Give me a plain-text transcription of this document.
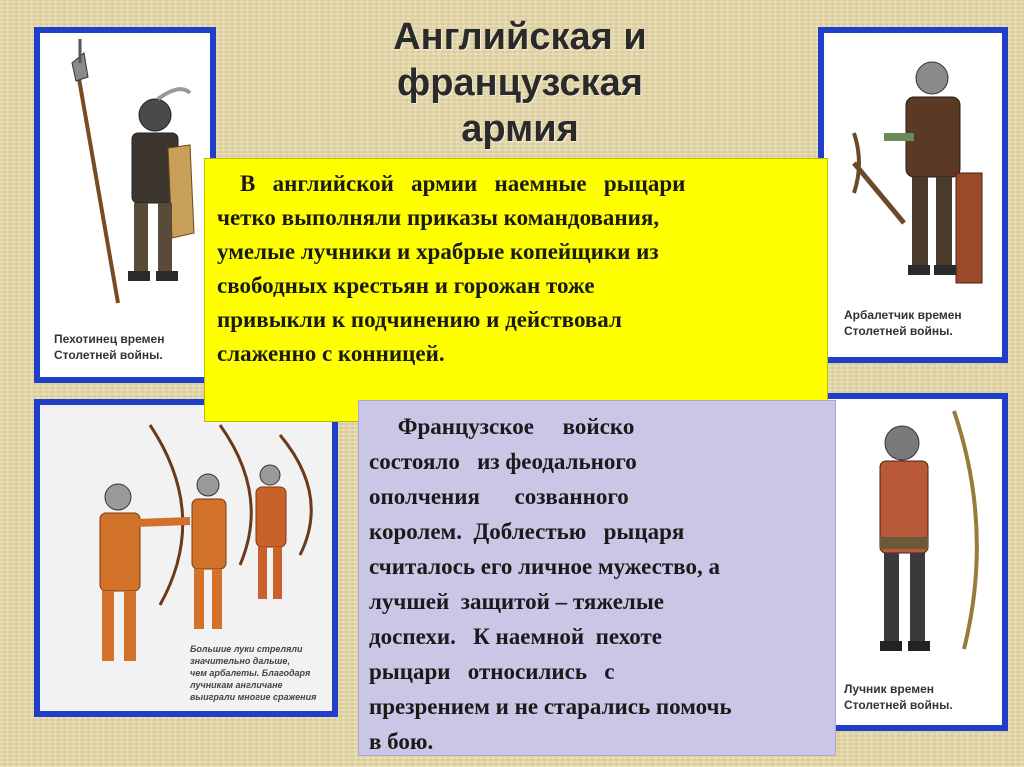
Английская и
французская
армия
Пехотинец времен
Столетней войны.
Арбалетчик времен
Столетней войны.
Большие луки стреляли
значительно дальше,
чем арбалеты. Благодаря
лучникам англичане
выиграли многие сражения
Лучник времен
Столетней войны.
В   английской   армии   наемные   рыцари
четко выполняли приказы командования,
умелые лучники и храбрые копейщики из
свободных крестьян и горожан тоже
привыкли к подчинению и действовал
слаженно с конницей.
Французское     войско
состояло   из феодального
ополчения      созванного
королем.  Доблестью   рыцаря
считалось его личное мужество, а
лучшей  защитой – тяжелые
доспехи.   К наемной  пехоте
рыцари   относились   с
презрением и не старались помочь
в бою.
